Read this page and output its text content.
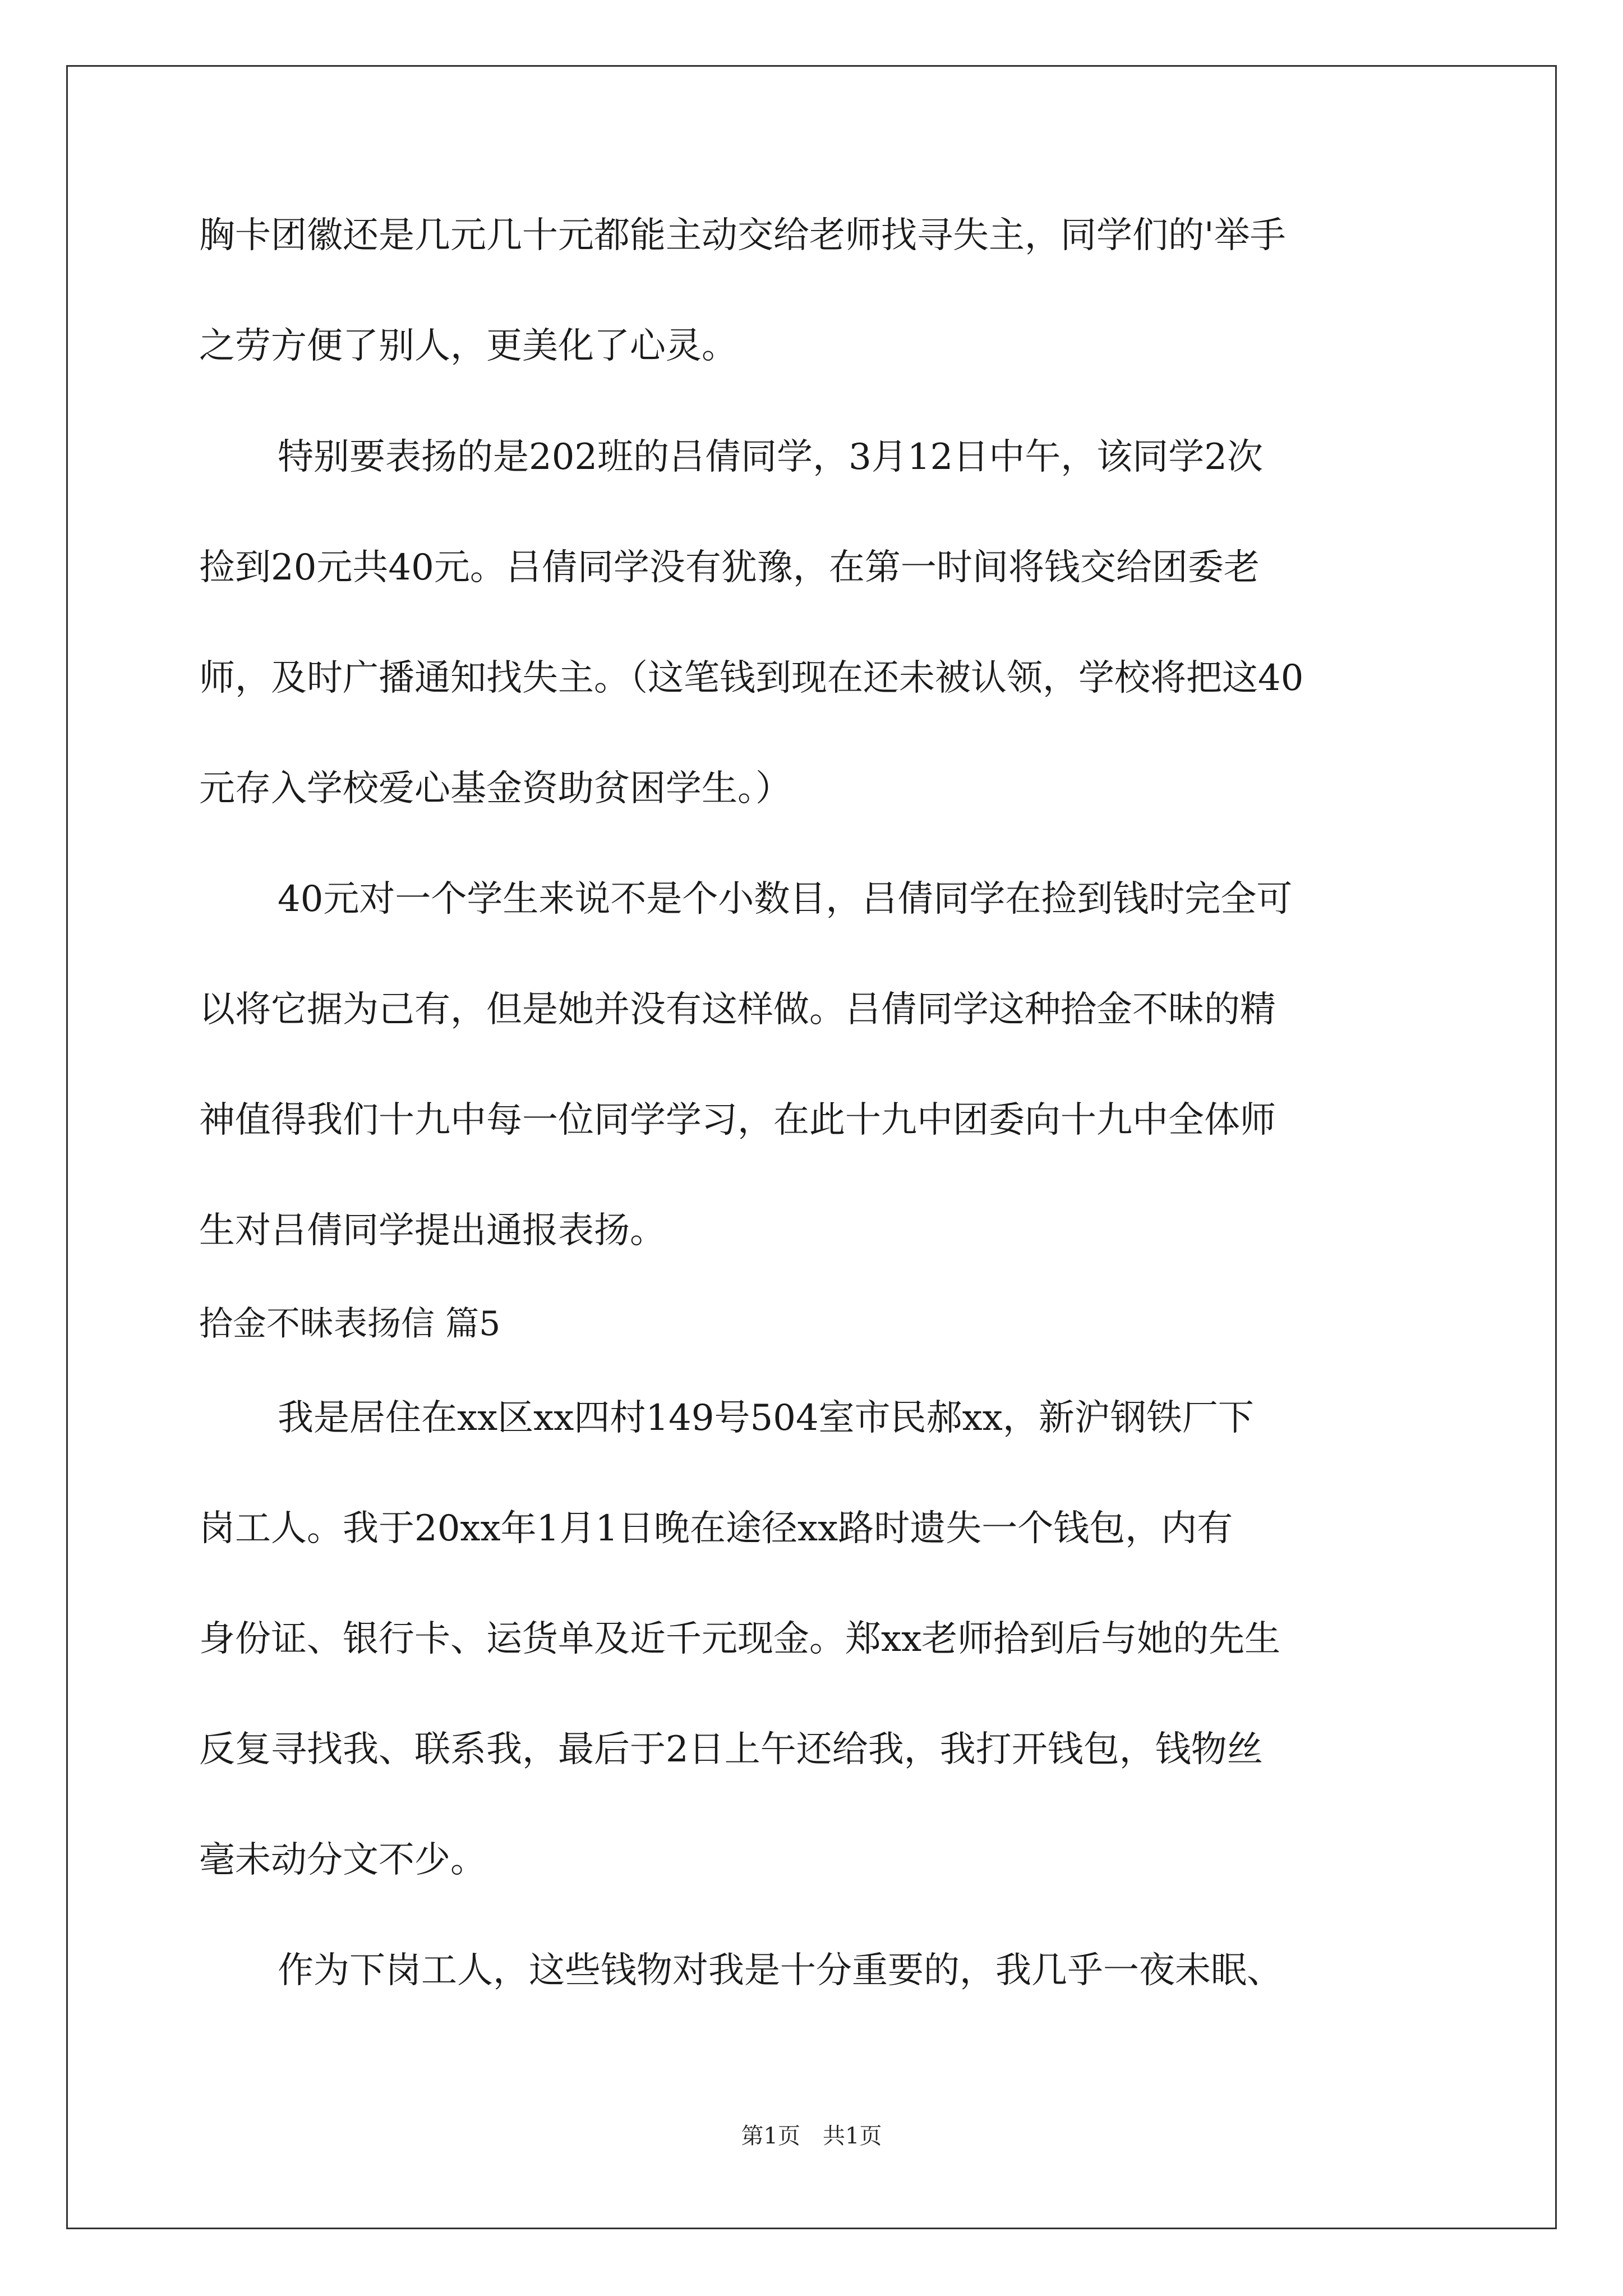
胸卡团徽还是几元几十元都能主动交给老师找寻失主，同学们的'举手
之劳方便了别人，更美化了心灵。
特别要表扬的是202班的吕倩同学，3月12日中午，该同学2次
捡到20元共40元。吕倩同学没有犹豫，在第一时间将钱交给团委老
师，及时广播通知找失主。（这笔钱到现在还未被认领，学校将把这40
元存入学校爱心基金资助贫困学生。）
40元对一个学生来说不是个小数目，吕倩同学在捡到钱时完全可
以将它据为己有，但是她并没有这样做。吕倩同学这种拾金不昧的精
神值得我们十九中每一位同学学习，在此十九中团委向十九中全体师
生对吕倩同学提出通报表扬。
拾金不昧表扬信 篇5
我是居住在xx区xx四村149号504室市民郝xx，新沪钢铁厂下
岗工人。我于20xx年1月1日晚在途径xx路时遗失一个钱包，内有
身份证、银行卡、运货单及近千元现金。郑xx老师拾到后与她的先生
反复寻找我、联系我，最后于2日上午还给我，我打开钱包，钱物丝
毫未动分文不少。
作为下岗工人，这些钱物对我是十分重要的，我几乎一夜未眠、
第1页　共1页
